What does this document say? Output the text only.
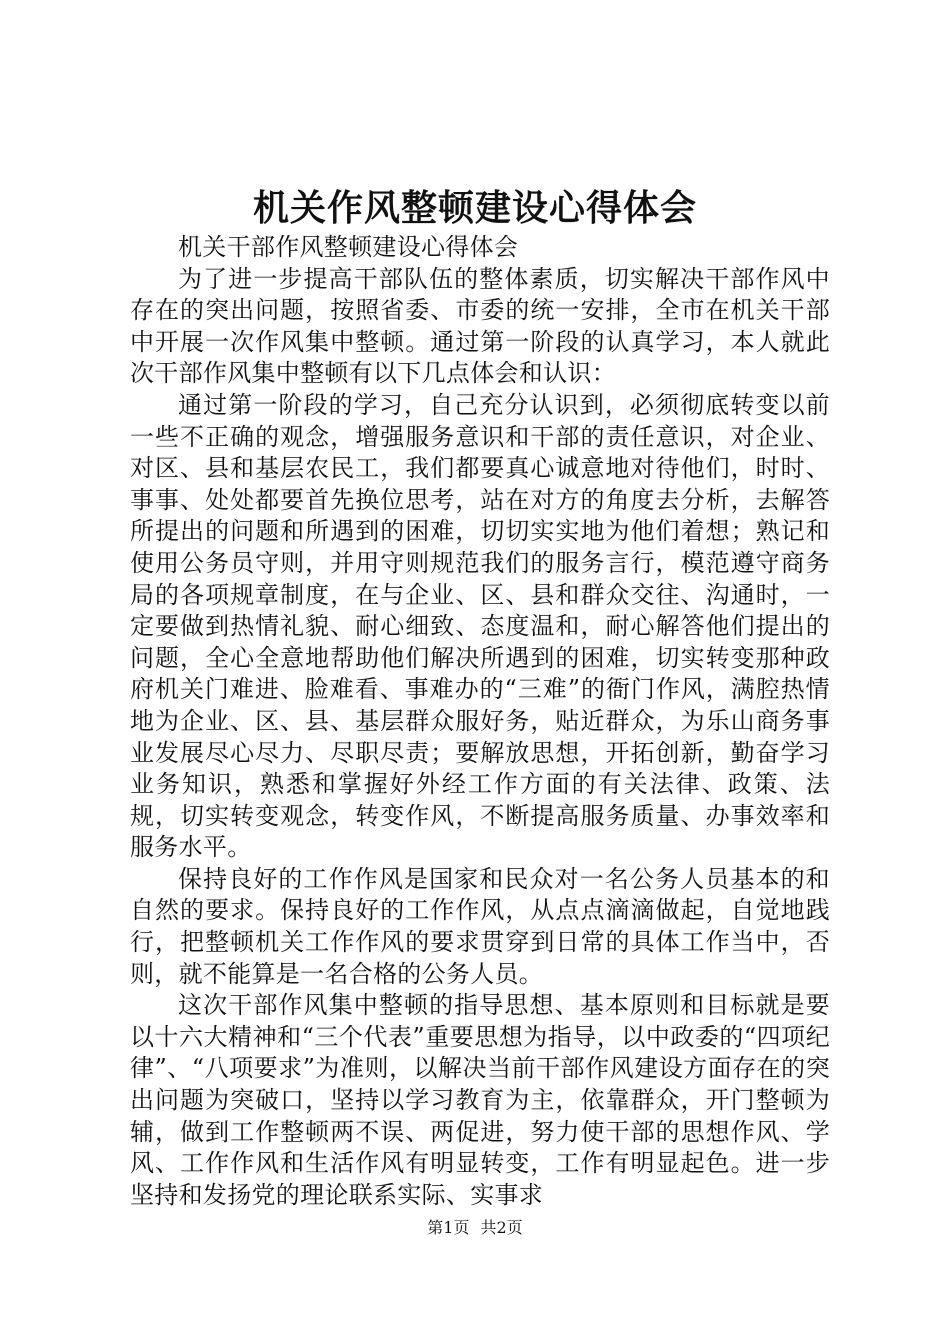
机关作风整顿建设心得体会

机关干部作风整顿建设心得体会

为了进一步提高干部队伍的整体素质，切实解决干部作风中存在的突出问题，按照省委、市委的统一安排，全市在机关干部中开展一次作风集中整顿。通过第一阶段的认真学习，本人就此次干部作风集中整顿有以下几点体会和认识：

通过第一阶段的学习，自己充分认识到，必须彻底转变以前一些不正确的观念，增强服务意识和干部的责任意识，对企业、对区、县和基层农民工，我们都要真心诚意地对待他们，时时、事事、处处都要首先换位思考，站在对方的角度去分析，去解答所提出的问题和所遇到的困难，切切实实地为他们着想；熟记和使用公务员守则，并用守则规范我们的服务言行，模范遵守商务局的各项规章制度，在与企业、区、县和群众交往、沟通时，一定要做到热情礼貌、耐心细致、态度温和，耐心解答他们提出的问题，全心全意地帮助他们解决所遇到的困难，切实转变那种政府机关门难进、脸难看、事难办的“三难”的衙门作风，满腔热情地为企业、区、县、基层群众服好务，贴近群众，为乐山商务事业发展尽心尽力、尽职尽责；要解放思想，开拓创新，勤奋学习业务知识，熟悉和掌握好外经工作方面的有关法律、政策、法规，切实转变观念，转变作风，不断提高服务质量、办事效率和服务水平。

保持良好的工作作风是国家和民众对一名公务人员基本的和自然的要求。保持良好的工作作风，从点点滴滴做起，自觉地践行，把整顿机关工作作风的要求贯穿到日常的具体工作当中，否则，就不能算是一名合格的公务人员。

这次干部作风集中整顿的指导思想、基本原则和目标就是要以十六大精神和“三个代表”重要思想为指导，以中政委的“四项纪律”、“八项要求”为准则，以解决当前干部作风建设方面存在的突出问题为突破口，坚持以学习教育为主，依靠群众，开门整顿为辅，做到工作整顿两不误、两促进，努力使干部的思想作风、学风、工作作风和生活作风有明显转变，工作有明显起色。进一步坚持和发扬党的理论联系实际、实事求

第1页 共2页
